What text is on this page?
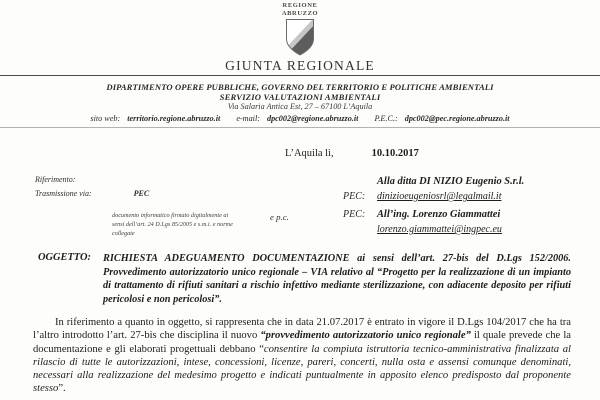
REGIONE
ABRUZZO
GIUNTA REGIONALE
DIPARTIMENTO OPERE PUBBLICHE, GOVERNO DEL TERRITORIO E POLITICHE AMBIENTALI
SERVIZIO VALUTAZIONI AMBIENTALI
Via Salaria Antica Est, 27 – 67100 L’Aquila
sito web: territorio.regione.abruzzo.it e-mail: dpc002@regione.abruzzo.it P.E.C.: dpc002@pec.regione.abruzzo.it
L’Aquila lì,	10.10.2017
Riferimento:
Trasmissione via:	PEC
documento informatico firmato digitalmente ai sensi dell’art. 24 D.Lgs 85/2005 e s.m.i. e norme collegate
e p.c.
Alla ditta DI NIZIO Eugenio S.r.l.
PEC:	dinizioeugeniosrl@legalmail.it
PEC:	All’ing. Lorenzo Giammattei
lorenzo.giammattei@ingpec.eu
OGGETTO: RICHIESTA ADEGUAMENTO DOCUMENTAZIONE ai sensi dell’art. 27-bis del D.Lgs 152/2006. Provvedimento autorizzatorio unico regionale – VIA relativo al “Progetto per la realizzazione di un impianto di trattamento di rifiuti sanitari a rischio infettivo mediante sterilizzazione, con adiacente deposito per rifiuti pericolosi e non pericolosi”.
In riferimento a quanto in oggetto, si rappresenta che in data 21.07.2017 è entrato in vigore il D.Lgs 104/2017 che ha tra l’altro introdotto l’art. 27-bis che disciplina il nuovo “provvedimento autorizzatorio unico regionale” il quale prevede che la documentazione e gli elaborati progettuali debbano “consentire la compiuta istruttoria tecnico-amministrativa finalizzata al rilascio di tutte le autorizzazioni, intese, concessioni, licenze, pareri, concerti, nulla osta e assensi comunque denominati, necessari alla realizzazione del medesimo progetto e indicati puntualmente in apposito elenco predisposto dal proponente stesso”.
